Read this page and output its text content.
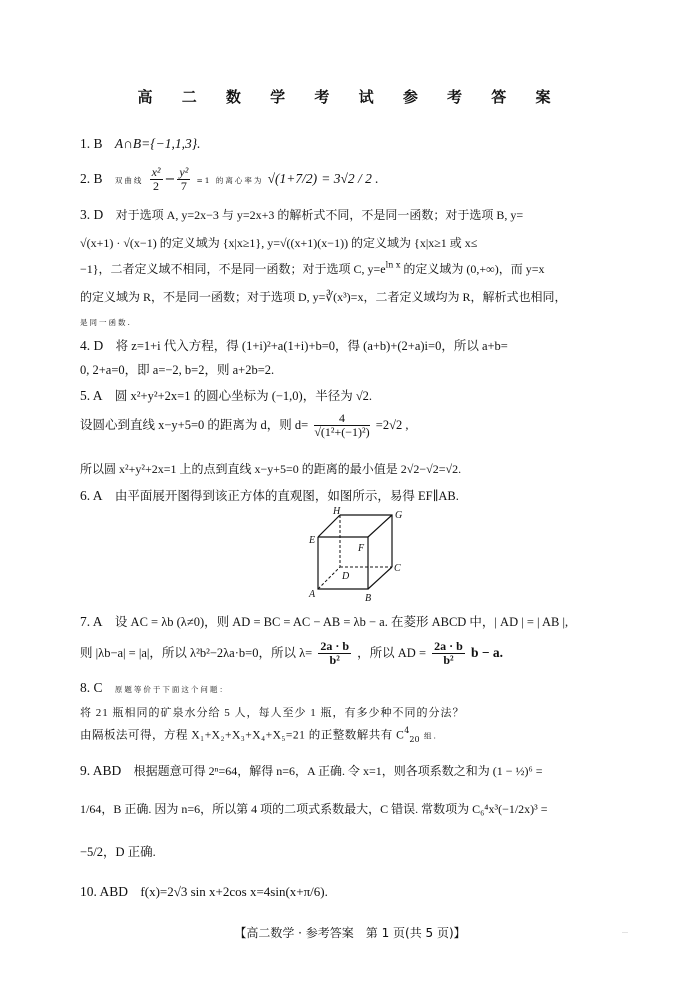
高 二 数 学 考 试 参 考 答 案
1. B A∩B={−1,1,3}.
2. B 双曲线 $\frac{\text{x²}}{2} - \frac{\text{y²}}{7} =1$ 的离心率为 √(1+7/2) = 3√2 / 2 .
3. D 对于选项 A, y=2x−3 与 y=2x+3 的解析式不同，不是同一函数；对于选项 B, y=
√(x+1) · √(x−1) 的定义域为 {x|x≥1}, y=√((x+1)(x−1)) 的定义域为 {x|x≥1 或 x≤
−1}，二者定义域不相同，不是同一函数；对于选项 C, $y=e^{ln x}$ 的定义域为 (0,+∞)，而 y=x
的定义域为 R，不是同一函数；对于选项 D, y=∛(x³)=x，二者定义域均为 R，解析式也相同，
是同一函数.
4. D 将 z=1+i 代入方程，得 (1+i)²+a(1+i)+b=0，得 (a+b)+(2+a)i=0，所以 a+b=
0, 2+a=0，即 a=−2, b=2，则 a+2b=2.
5. A 圆 x²+y²+2x=1 的圆心坐标为 (−1,0)，半径为 √2.
设圆心到直线 x−y+5=0 的距离为 d，则 $d= \frac{4}{\text{√(1²+(−1)²)}} =2√2$ ,
所以圆 x²+y²+2x=1 上的点到直线 x−y+5=0 的距离的最小值是 2√2−√2=√2.
6. A 由平面展开图得到该正方体的直观图，如图所示，易得 EF∥AB.
H	G
E
F
D
C
A	B
7. A 设 AC = λb (λ≠0)，则 AD = BC = AC − AB = λb − a. 在菱形 ABCD 中，| AD | = | AB |,
则 |λb−a| = |a|，所以 λ²b²−2λa·b=0，所以 $\lambda= \frac{2a \cdot b}{\text{b²}}$ ，所以 AD = $\frac{2a \cdot b}{\text{b²}}$ b − a.
8. C 原题等价于下面这个问题：
将 21 瓶相同的矿泉水分给 5 人，每人至少 1 瓶，有多少种不同的分法？
由隔板法可得，方程 X₁+X₂+X₃+X₄+X₅=21 的正整数解共有 $C^4_{20}$ 组.
9. ABD 根据题意可得 2ⁿ=64，解得 n=6，A 正确. 令 x=1，则各项系数之和为 (1 − ½)⁶ =
1/64，B 正确. 因为 n=6，所以第 4 项的二项式系数最大，C 错误. 常数项为 C₆⁴x³(−1/2x)³ =
−5/2，D 正确.
10. ABD f(x)=2√3 sin x+2cos x=4sin(x+π/6).
【高二数学 · 参考答案　第 1 页(共 5 页)】	…
